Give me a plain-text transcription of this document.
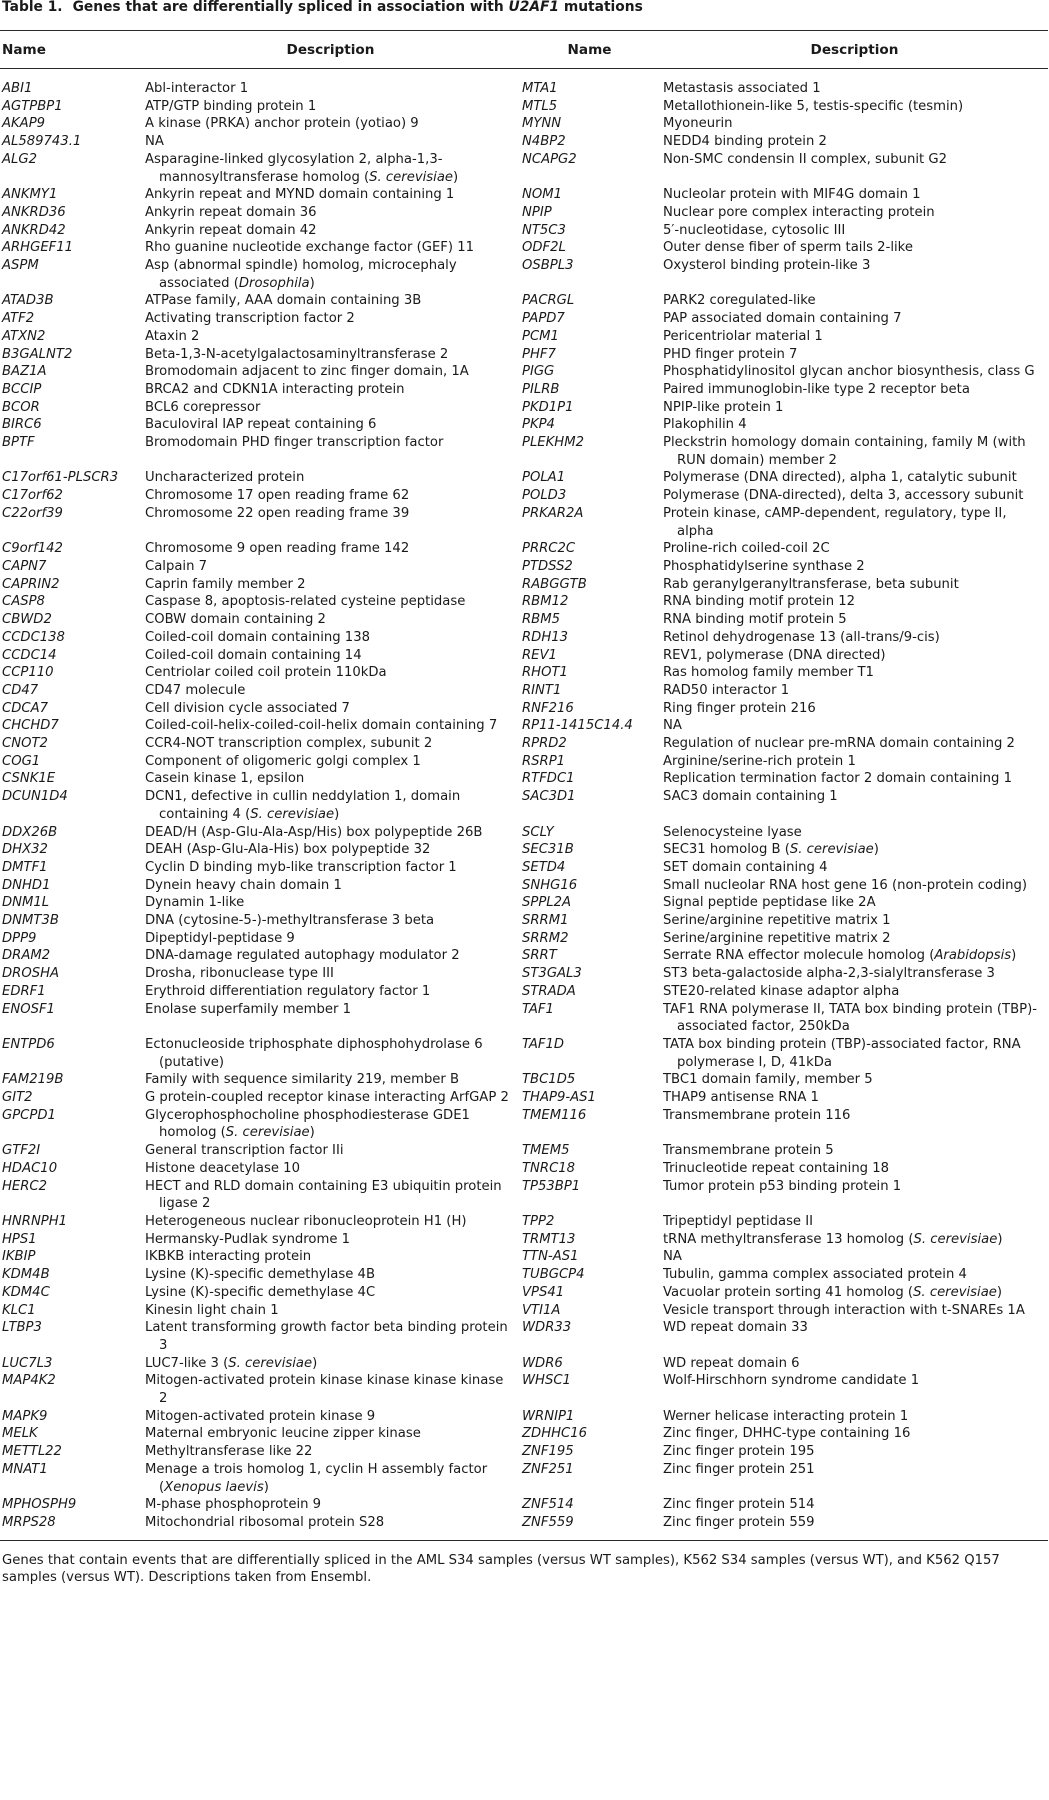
Table 1. Genes that are differentially spliced in association with U2AF1 mutations
Name	Description	Name	Description
ABI1	Abl-interactor 1	MTA1	Metastasis associated 1

AGTPBP1	ATP/GTP binding protein 1	MTL5	Metallothionein-like 5, testis-specific (tesmin)

AKAP9	A kinase (PRKA) anchor protein (yotiao) 9	MYNN	Myoneurin

AL589743.1	NA	N4BP2	NEDD4 binding protein 2

ALG2	Asparagine-linked glycosylation 2, alpha-1,3-mannosyltransferase homolog (S. cerevisiae)	NCAPG2	Non-SMC condensin II complex, subunit G2

ANKMY1	Ankyrin repeat and MYND domain containing 1	NOM1	Nucleolar protein with MIF4G domain 1

ANKRD36	Ankyrin repeat domain 36	NPIP	Nuclear pore complex interacting protein

ANKRD42	Ankyrin repeat domain 42	NT5C3	5′-nucleotidase, cytosolic III

ARHGEF11	Rho guanine nucleotide exchange factor (GEF) 11	ODF2L	Outer dense fiber of sperm tails 2-like

ASPM	Asp (abnormal spindle) homolog, microcephaly associated (Drosophila)	OSBPL3	Oxysterol binding protein-like 3

ATAD3B	ATPase family, AAA domain containing 3B	PACRGL	PARK2 coregulated-like

ATF2	Activating transcription factor 2	PAPD7	PAP associated domain containing 7

ATXN2	Ataxin 2	PCM1	Pericentriolar material 1

B3GALNT2	Beta-1,3-N-acetylgalactosaminyltransferase 2	PHF7	PHD finger protein 7

BAZ1A	Bromodomain adjacent to zinc finger domain, 1A	PIGG	Phosphatidylinositol glycan anchor biosynthesis, class G

BCCIP	BRCA2 and CDKN1A interacting protein	PILRB	Paired immunoglobin-like type 2 receptor beta

BCOR	BCL6 corepressor	PKD1P1	NPIP-like protein 1

BIRC6	Baculoviral IAP repeat containing 6	PKP4	Plakophilin 4

BPTF	Bromodomain PHD finger transcription factor	PLEKHM2	Pleckstrin homology domain containing, family M (with RUN domain) member 2

C17orf61-PLSCR3	Uncharacterized protein	POLA1	Polymerase (DNA directed), alpha 1, catalytic subunit

C17orf62	Chromosome 17 open reading frame 62	POLD3	Polymerase (DNA-directed), delta 3, accessory subunit

C22orf39	Chromosome 22 open reading frame 39	PRKAR2A	Protein kinase, cAMP-dependent, regulatory, type II, alpha

C9orf142	Chromosome 9 open reading frame 142	PRRC2C	Proline-rich coiled-coil 2C

CAPN7	Calpain 7	PTDSS2	Phosphatidylserine synthase 2

CAPRIN2	Caprin family member 2	RABGGTB	Rab geranylgeranyltransferase, beta subunit

CASP8	Caspase 8, apoptosis-related cysteine peptidase	RBM12	RNA binding motif protein 12

CBWD2	COBW domain containing 2	RBM5	RNA binding motif protein 5

CCDC138	Coiled-coil domain containing 138	RDH13	Retinol dehydrogenase 13 (all-trans/9-cis)

CCDC14	Coiled-coil domain containing 14	REV1	REV1, polymerase (DNA directed)

CCP110	Centriolar coiled coil protein 110kDa	RHOT1	Ras homolog family member T1

CD47	CD47 molecule	RINT1	RAD50 interactor 1

CDCA7	Cell division cycle associated 7	RNF216	Ring finger protein 216

CHCHD7	Coiled-coil-helix-coiled-coil-helix domain containing 7	RP11-1415C14.4	NA

CNOT2	CCR4-NOT transcription complex, subunit 2	RPRD2	Regulation of nuclear pre-mRNA domain containing 2

COG1	Component of oligomeric golgi complex 1	RSRP1	Arginine/serine-rich protein 1

CSNK1E	Casein kinase 1, epsilon	RTFDC1	Replication termination factor 2 domain containing 1

DCUN1D4	DCN1, defective in cullin neddylation 1, domain containing 4 (S. cerevisiae)	SAC3D1	SAC3 domain containing 1

DDX26B	DEAD/H (Asp-Glu-Ala-Asp/His) box polypeptide 26B	SCLY	Selenocysteine lyase

DHX32	DEAH (Asp-Glu-Ala-His) box polypeptide 32	SEC31B	SEC31 homolog B (S. cerevisiae)

DMTF1	Cyclin D binding myb-like transcription factor 1	SETD4	SET domain containing 4

DNHD1	Dynein heavy chain domain 1	SNHG16	Small nucleolar RNA host gene 16 (non-protein coding)

DNM1L	Dynamin 1-like	SPPL2A	Signal peptide peptidase like 2A

DNMT3B	DNA (cytosine-5-)-methyltransferase 3 beta	SRRM1	Serine/arginine repetitive matrix 1

DPP9	Dipeptidyl-peptidase 9	SRRM2	Serine/arginine repetitive matrix 2

DRAM2	DNA-damage regulated autophagy modulator 2	SRRT	Serrate RNA effector molecule homolog (Arabidopsis)

DROSHA	Drosha, ribonuclease type III	ST3GAL3	ST3 beta-galactoside alpha-2,3-sialyltransferase 3

EDRF1	Erythroid differentiation regulatory factor 1	STRADA	STE20-related kinase adaptor alpha

ENOSF1	Enolase superfamily member 1	TAF1	TAF1 RNA polymerase II, TATA box binding protein (TBP)-associated factor, 250kDa

ENTPD6	Ectonucleoside triphosphate diphosphohydrolase 6 (putative)	TAF1D	TATA box binding protein (TBP)-associated factor, RNA polymerase I, D, 41kDa

FAM219B	Family with sequence similarity 219, member B	TBC1D5	TBC1 domain family, member 5

GIT2	G protein-coupled receptor kinase interacting ArfGAP 2	THAP9-AS1	THAP9 antisense RNA 1

GPCPD1	Glycerophosphocholine phosphodiesterase GDE1 homolog (S. cerevisiae)	TMEM116	Transmembrane protein 116

GTF2I	General transcription factor IIi	TMEM5	Transmembrane protein 5

HDAC10	Histone deacetylase 10	TNRC18	Trinucleotide repeat containing 18

HERC2	HECT and RLD domain containing E3 ubiquitin protein ligase 2	TP53BP1	Tumor protein p53 binding protein 1

HNRNPH1	Heterogeneous nuclear ribonucleoprotein H1 (H)	TPP2	Tripeptidyl peptidase II

HPS1	Hermansky-Pudlak syndrome 1	TRMT13	tRNA methyltransferase 13 homolog (S. cerevisiae)

IKBIP	IKBKB interacting protein	TTN-AS1	NA

KDM4B	Lysine (K)-specific demethylase 4B	TUBGCP4	Tubulin, gamma complex associated protein 4

KDM4C	Lysine (K)-specific demethylase 4C	VPS41	Vacuolar protein sorting 41 homolog (S. cerevisiae)

KLC1	Kinesin light chain 1	VTI1A	Vesicle transport through interaction with t-SNAREs 1A

LTBP3	Latent transforming growth factor beta binding protein 3	WDR33	WD repeat domain 33

LUC7L3	LUC7-like 3 (S. cerevisiae)	WDR6	WD repeat domain 6

MAP4K2	Mitogen-activated protein kinase kinase kinase kinase 2	WHSC1	Wolf-Hirschhorn syndrome candidate 1

MAPK9	Mitogen-activated protein kinase 9	WRNIP1	Werner helicase interacting protein 1

MELK	Maternal embryonic leucine zipper kinase	ZDHHC16	Zinc finger, DHHC-type containing 16

METTL22	Methyltransferase like 22	ZNF195	Zinc finger protein 195

MNAT1	Menage a trois homolog 1, cyclin H assembly factor (Xenopus laevis)	ZNF251	Zinc finger protein 251

MPHOSPH9	M-phase phosphoprotein 9	ZNF514	Zinc finger protein 514

MRPS28	Mitochondrial ribosomal protein S28	ZNF559	Zinc finger protein 559
Genes that contain events that are differentially spliced in the AML S34 samples (versus WT samples), K562 S34 samples (versus WT), and K562 Q157 samples (versus WT). Descriptions taken from Ensembl.
